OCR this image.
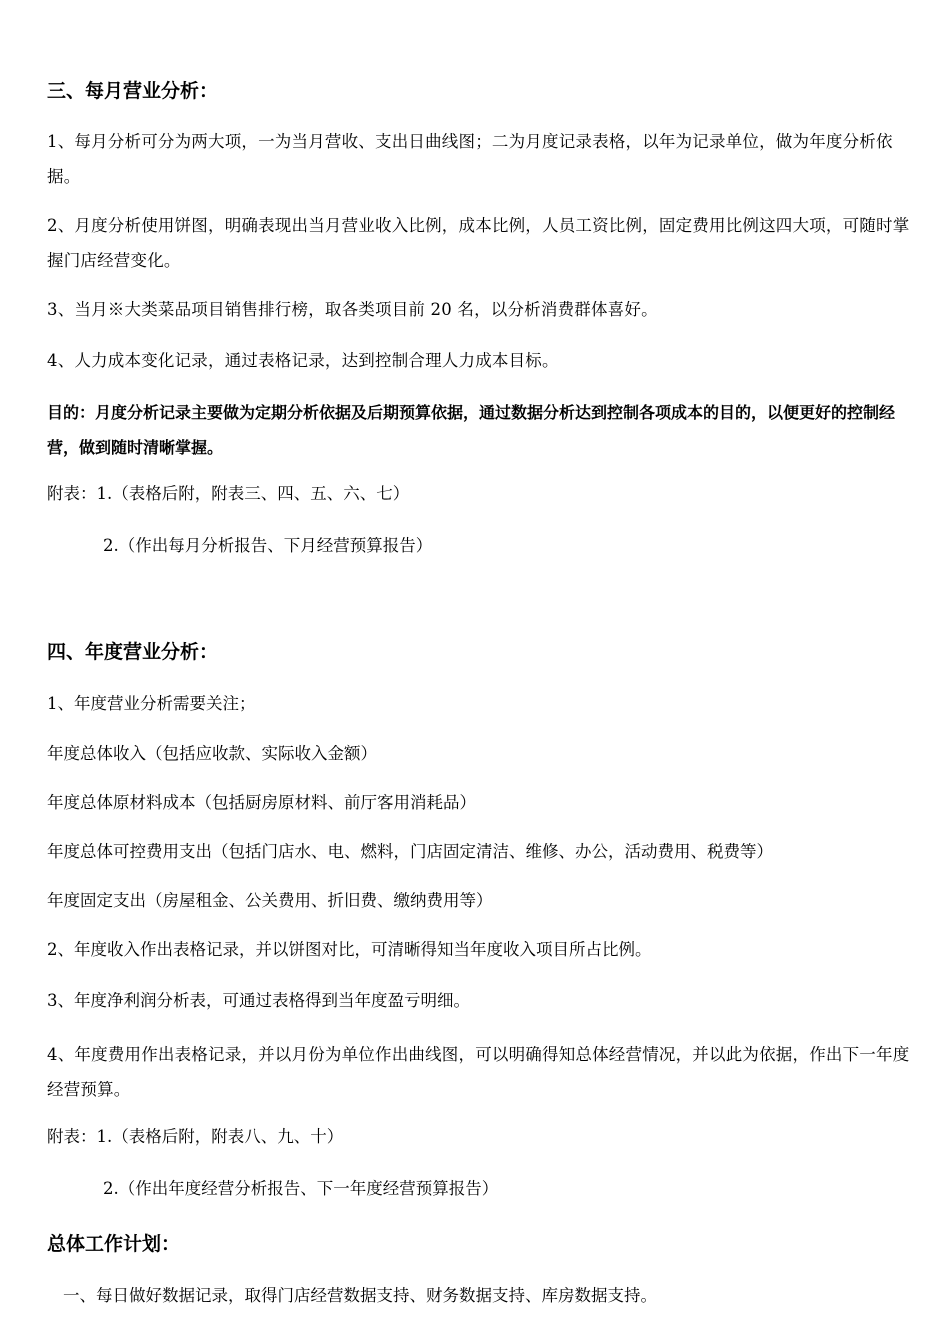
三、每月营业分析：
1、每月分析可分为两大项，一为当月营收、支出日曲线图；二为月度记录表格，以年为记录单位，做为年度分析依据。
2、月度分析使用饼图，明确表现出当月营业收入比例，成本比例，人员工资比例，固定费用比例这四大项，可随时掌握门店经营变化。
3、当月※大类菜品项目销售排行榜，取各类项目前 20 名，以分析消费群体喜好。
4、人力成本变化记录，通过表格记录，达到控制合理人力成本目标。
目的：月度分析记录主要做为定期分析依据及后期预算依据，通过数据分析达到控制各项成本的目的，以便更好的控制经营，做到随时清晰掌握。
附表：1.（表格后附，附表三、四、五、六、七）
2.（作出每月分析报告、下月经营预算报告）
四、年度营业分析：
1、年度营业分析需要关注；
年度总体收入（包括应收款、实际收入金额）
年度总体原材料成本（包括厨房原材料、前厅客用消耗品）
年度总体可控费用支出（包括门店水、电、燃料，门店固定清洁、维修、办公，活动费用、税费等）
年度固定支出（房屋租金、公关费用、折旧费、缴纳费用等）
2、年度收入作出表格记录，并以饼图对比，可清晰得知当年度收入项目所占比例。
3、年度净利润分析表，可通过表格得到当年度盈亏明细。
4、年度费用作出表格记录，并以月份为单位作出曲线图，可以明确得知总体经营情况，并以此为依据，作出下一年度经营预算。
附表：1.（表格后附，附表八、九、十）
2.（作出年度经营分析报告、下一年度经营预算报告）
总体工作计划：
一、每日做好数据记录，取得门店经营数据支持、财务数据支持、库房数据支持。
